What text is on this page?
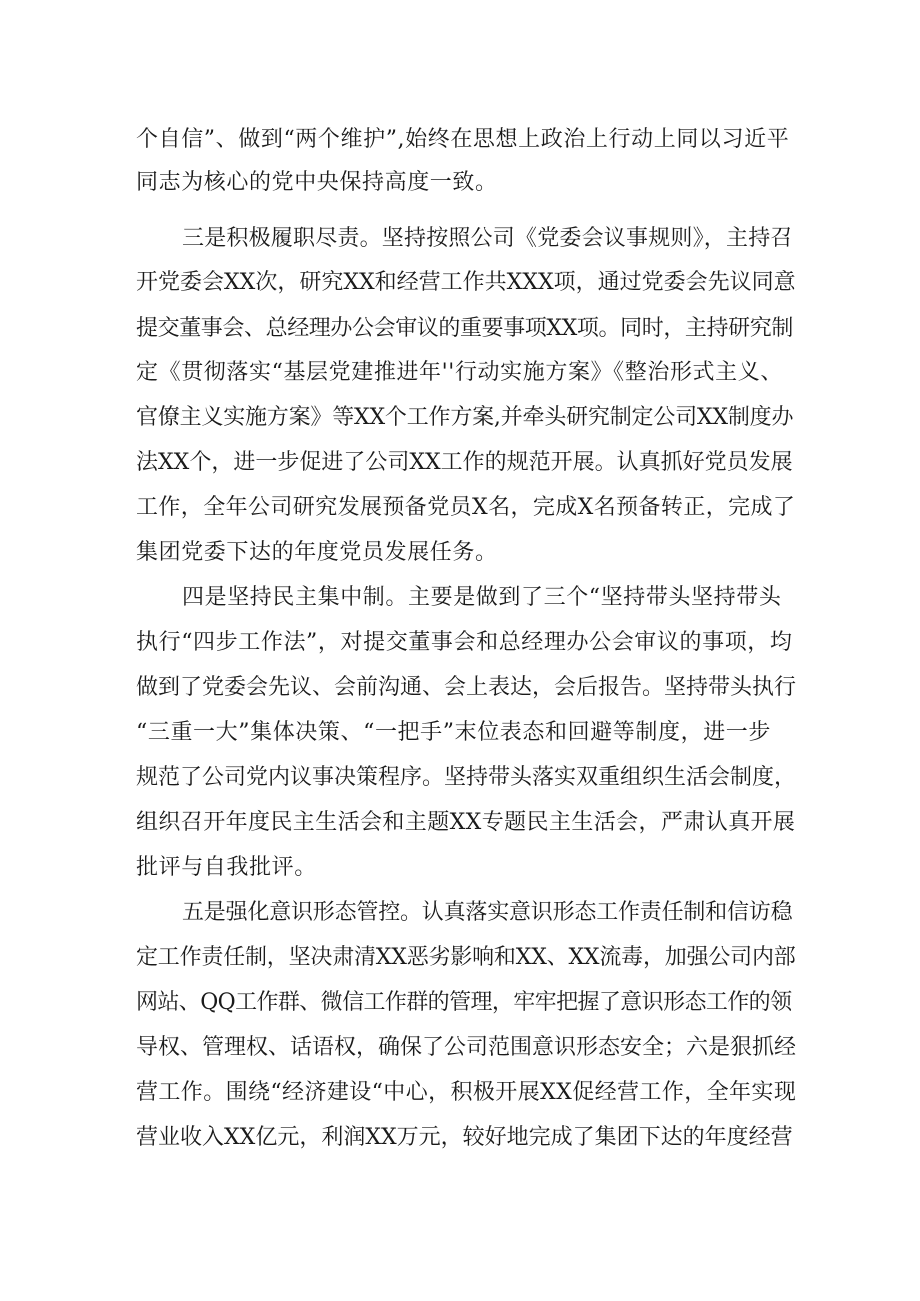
个自信”、做到“两个维护”,始终在思想上政治上行动上同以习近平
同志为核心的党中央保持高度一致。
三是积极履职尽责。坚持按照公司《党委会议事规则》，主持召
开党委会XX次，研究XX和经营工作共XXX项，通过党委会先议同意
提交董事会、总经理办公会审议的重要事项XX项。同时，主持研究制
定《贯彻落实“基层党建推进年''行动实施方案》《整治形式主义、
官僚主义实施方案》等XX个工作方案,并牵头研究制定公司XX制度办
法XX个，进一步促进了公司XX工作的规范开展。认真抓好党员发展
工作，全年公司研究发展预备党员X名，完成X名预备转正，完成了
集团党委下达的年度党员发展任务。
四是坚持民主集中制。主要是做到了三个“坚持带头坚持带头
执行“四步工作法”，对提交董事会和总经理办公会审议的事项，均
做到了党委会先议、会前沟通、会上表达，会后报告。坚持带头执行
“三重一大”集体决策、“一把手”末位表态和回避等制度，进一步
规范了公司党内议事决策程序。坚持带头落实双重组织生活会制度，
组织召开年度民主生活会和主题XX专题民主生活会，严肃认真开展
批评与自我批评。
五是强化意识形态管控。认真落实意识形态工作责任制和信访稳
定工作责任制，坚决肃清XX恶劣影响和XX、XX流毒，加强公司内部
网站、QQ工作群、微信工作群的管理，牢牢把握了意识形态工作的领
导权、管理权、话语权，确保了公司范围意识形态安全；六是狠抓经
营工作。围绕“经济建设“中心，积极开展XX促经营工作，全年实现
营业收入XX亿元，利润XX万元，较好地完成了集团下达的年度经营
